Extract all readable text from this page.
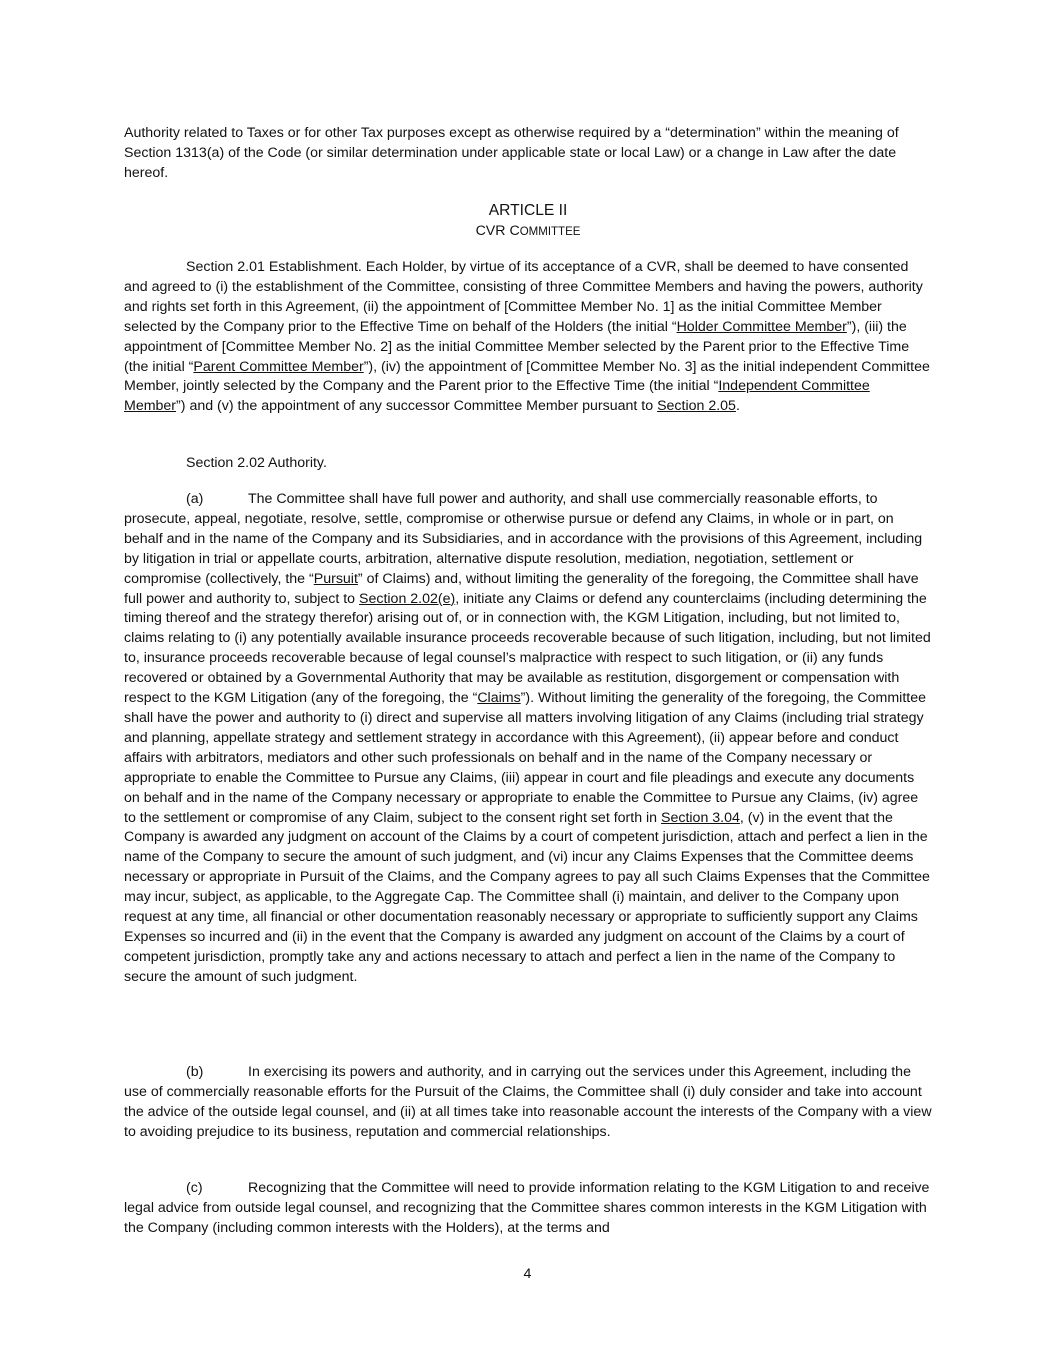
Authority related to Taxes or for other Tax purposes except as otherwise required by a “determination” within the meaning of Section 1313(a) of the Code (or similar determination under applicable state or local Law) or a change in Law after the date hereof.

ARTICLE II

CVR COMMITTEE

Section 2.01 Establishment. Each Holder, by virtue of its acceptance of a CVR, shall be deemed to have consented and agreed to (i) the establishment of the Committee, consisting of three Committee Members and having the powers, authority and rights set forth in this Agreement, (ii) the appointment of [Committee Member No. 1] as the initial Committee Member selected by the Company prior to the Effective Time on behalf of the Holders (the initial “Holder Committee Member”), (iii) the appointment of [Committee Member No. 2] as the initial Committee Member selected by the Parent prior to the Effective Time (the initial “Parent Committee Member”), (iv) the appointment of [Committee Member No. 3] as the initial independent Committee Member, jointly selected by the Company and the Parent prior to the Effective Time (the initial “Independent Committee Member”) and (v) the appointment of any successor Committee Member pursuant to Section 2.05.

Section 2.02 Authority.

(a)	The Committee shall have full power and authority, and shall use commercially reasonable efforts, to prosecute, appeal, negotiate, resolve, settle, compromise or otherwise pursue or defend any Claims, in whole or in part, on behalf and in the name of the Company and its Subsidiaries, and in accordance with the provisions of this Agreement, including by litigation in trial or appellate courts, arbitration, alternative dispute resolution, mediation, negotiation, settlement or compromise (collectively, the “Pursuit” of Claims) and, without limiting the generality of the foregoing, the Committee shall have full power and authority to, subject to Section 2.02(e), initiate any Claims or defend any counterclaims (including determining the timing thereof and the strategy therefor) arising out of, or in connection with, the KGM Litigation, including, but not limited to, claims relating to (i) any potentially available insurance proceeds recoverable because of such litigation, including, but not limited to, insurance proceeds recoverable because of legal counsel’s malpractice with respect to such litigation, or (ii) any funds recovered or obtained by a Governmental Authority that may be available as restitution, disgorgement or compensation with respect to the KGM Litigation (any of the foregoing, the “Claims”). Without limiting the generality of the foregoing, the Committee shall have the power and authority to (i) direct and supervise all matters involving litigation of any Claims (including trial strategy and planning, appellate strategy and settlement strategy in accordance with this Agreement), (ii) appear before and conduct affairs with arbitrators, mediators and other such professionals on behalf and in the name of the Company necessary or appropriate to enable the Committee to Pursue any Claims, (iii) appear in court and file pleadings and execute any documents on behalf and in the name of the Company necessary or appropriate to enable the Committee to Pursue any Claims, (iv) agree to the settlement or compromise of any Claim, subject to the consent right set forth in Section 3.04, (v) in the event that the Company is awarded any judgment on account of the Claims by a court of competent jurisdiction, attach and perfect a lien in the name of the Company to secure the amount of such judgment, and (vi) incur any Claims Expenses that the Committee deems necessary or appropriate in Pursuit of the Claims, and the Company agrees to pay all such Claims Expenses that the Committee may incur, subject, as applicable, to the Aggregate Cap. The Committee shall (i) maintain, and deliver to the Company upon request at any time, all financial or other documentation reasonably necessary or appropriate to sufficiently support any Claims Expenses so incurred and (ii) in the event that the Company is awarded any judgment on account of the Claims by a court of competent jurisdiction, promptly take any and actions necessary to attach and perfect a lien in the name of the Company to secure the amount of such judgment.

(b)	In exercising its powers and authority, and in carrying out the services under this Agreement, including the use of commercially reasonable efforts for the Pursuit of the Claims, the Committee shall (i) duly consider and take into account the advice of the outside legal counsel, and (ii) at all times take into reasonable account the interests of the Company with a view to avoiding prejudice to its business, reputation and commercial relationships.

(c)	Recognizing that the Committee will need to provide information relating to the KGM Litigation to and receive legal advice from outside legal counsel, and recognizing that the Committee shares common interests in the KGM Litigation with the Company (including common interests with the Holders), at the terms and

4
